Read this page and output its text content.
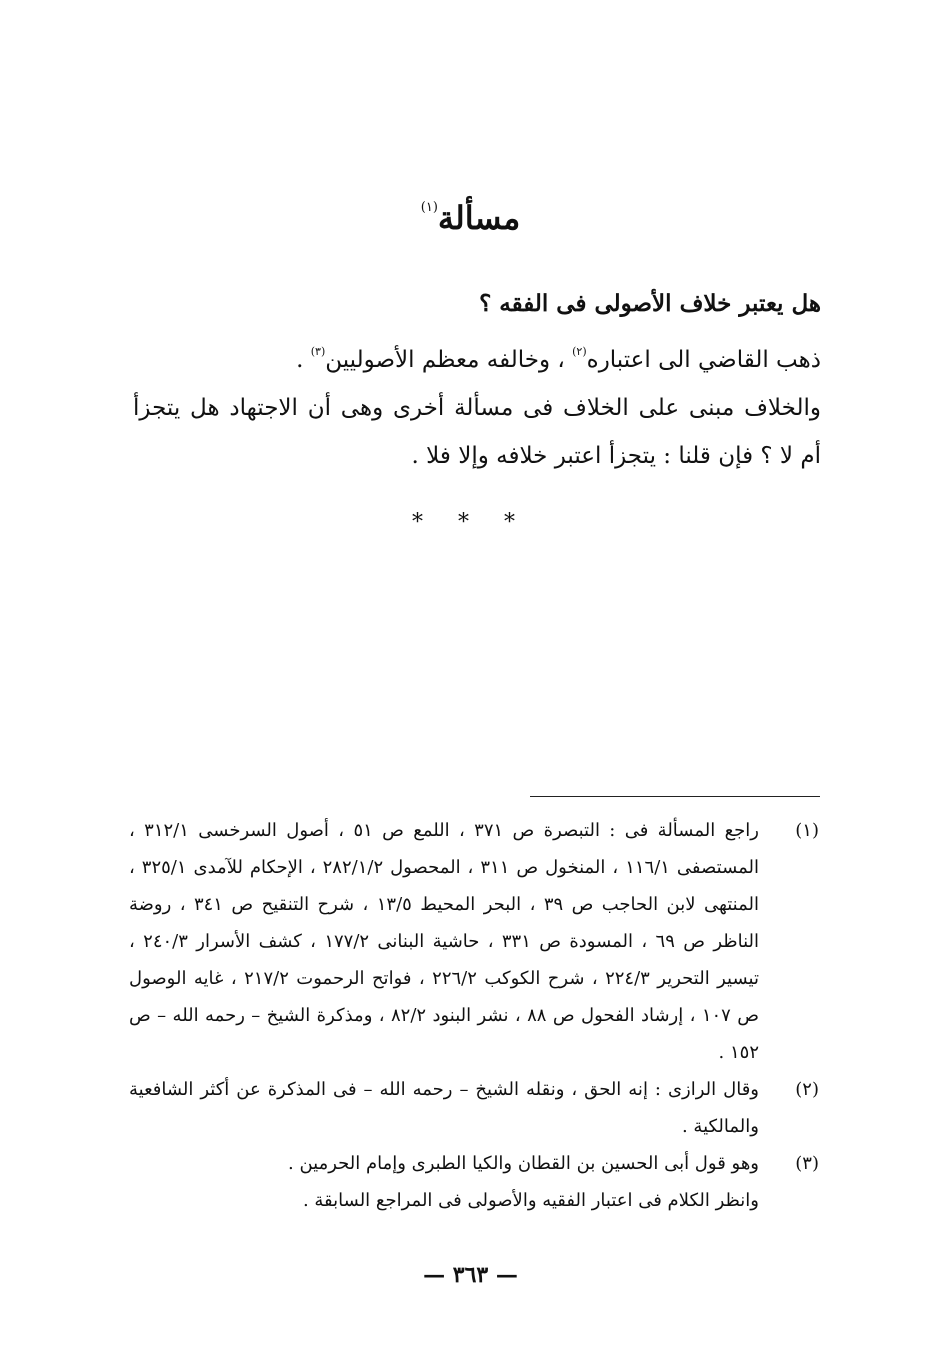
مسألة$^{(١)}$

هل يعتبر خلاف الأصولى فى الفقه ؟

ذهب القاضي الى اعتباره$^{(٢)}$ ، وخالفه معظم الأصوليين$^{(٣)}$ .

والخلاف مبنى على الخلاف فى مسألة أخرى وهى أن الاجتهاد هل يتجزأ أم لا ؟ فإن قلنا : يتجزأ اعتبر خلافه وإلا فلا .

* * *
(١)

راجع المسألة فى : التبصرة ص ٣٧١ ، اللمع ص ٥١ ، أصول السرخسى ٣١٢/١ ، المستصفى ١١٦/١ ، المنخول ص ٣١١ ، المحصول ٢٨٢/١/٢ ، الإحكام للآمدى ٣٢٥/١ ، المنتهى لابن الحاجب ص ٣٩ ، البحر المحيط ١٣/٥ ، شرح التنقيح ص ٣٤١ ، روضة الناظر ص ٦٩ ، المسودة ص ٣٣١ ، حاشية البنانى ١٧٧/٢ ، كشف الأسرار ٢٤٠/٣ ، تيسير التحرير ٢٢٤/٣ ، شرح الكوكب ٢٢٦/٢ ، فواتح الرحموت ٢١٧/٢ ، غايه الوصول ص ١٠٧ ، إرشاد الفحول ص ٨٨ ، نشر البنود ٨٢/٢ ، ومذكرة الشيخ – رحمه الله – ص ١٥٢ .

(٢)

وقال الرازى : إنه الحق ، ونقله الشيخ – رحمه الله – فى المذكرة عن أكثر الشافعية والمالكية .

(٣)

وهو قول أبى الحسين بن القطان والكيا الطبرى وإمام الحرمين .

وانظر الكلام فى اعتبار الفقيه والأصولى فى المراجع السابقة .

— ٣٦٣ —
